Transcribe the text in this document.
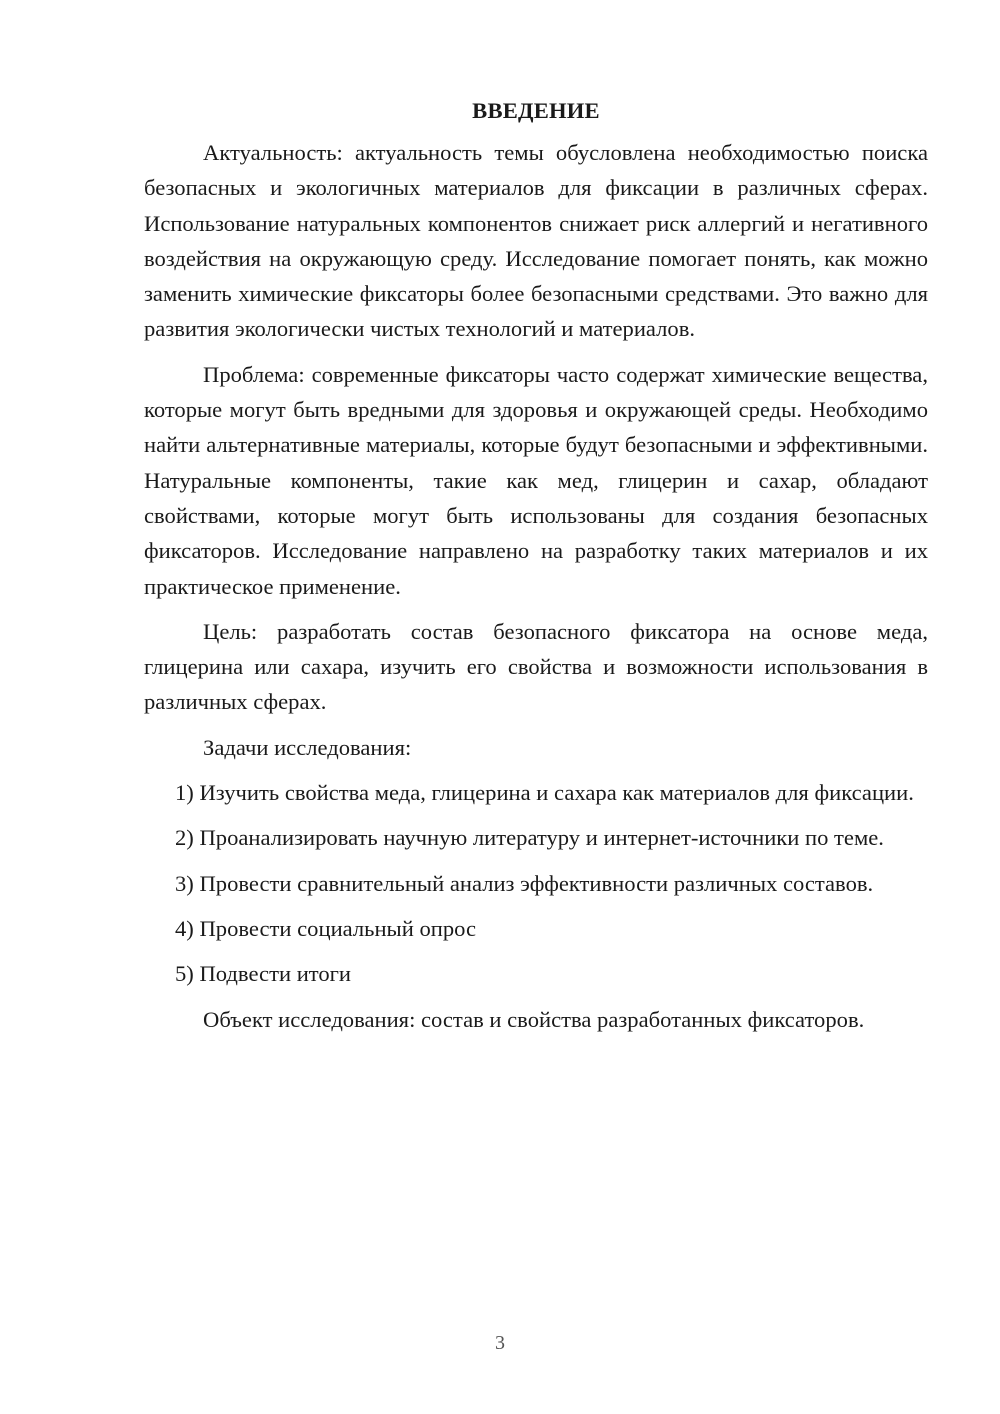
ВВЕДЕНИЕ

Актуальность: актуальность темы обусловлена необходимостью поиска безопасных и экологичных материалов для фиксации в различных сферах. Использование натуральных компонентов снижает риск аллергий и негативного воздействия на окружающую среду. Исследование помогает понять, как можно заменить химические фиксаторы более безопасными средствами. Это важно для развития экологически чистых технологий и материалов.

Проблема: современные фиксаторы часто содержат химические вещества, которые могут быть вредными для здоровья и окружающей среды. Необходимо найти альтернативные материалы, которые будут безопасными и эффективными. Натуральные компоненты, такие как мед, глицерин и сахар, обладают свойствами, которые могут быть использованы для создания безопасных фиксаторов. Исследование направлено на разработку таких материалов и их практическое применение.

Цель: разработать состав безопасного фиксатора на основе меда, глицерина или сахара, изучить его свойства и возможности использования в различных сферах.

Задачи исследования:

1) Изучить свойства меда, глицерина и сахара как материалов для фиксации.

2) Проанализировать научную литературу и интернет-источники по теме.

3) Провести сравнительный анализ эффективности различных составов.

4) Провести социальный опрос

5) Подвести итоги

Объект исследования: состав и свойства разработанных фиксаторов.

3
